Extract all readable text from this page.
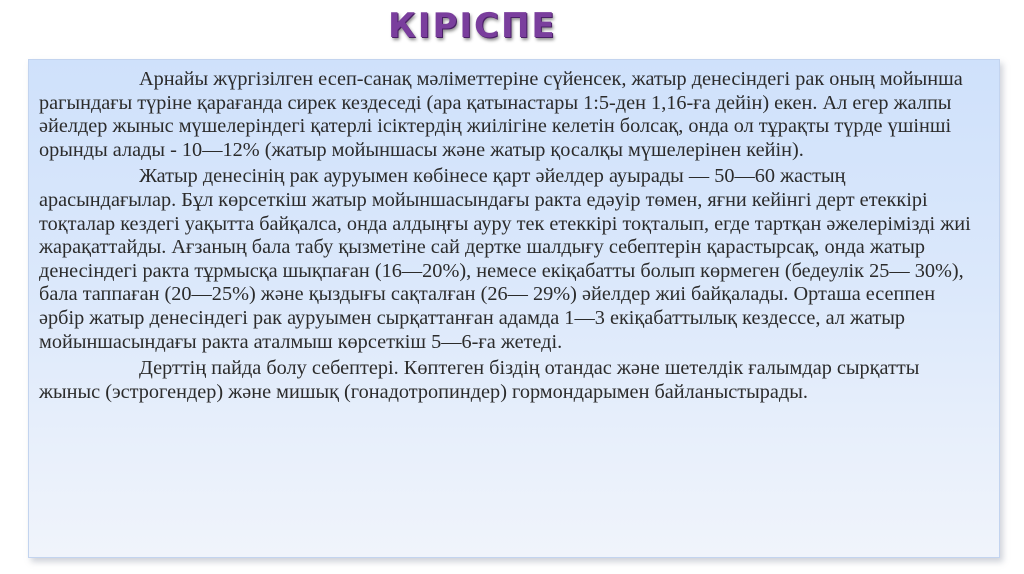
КІРІСПЕ

Арнайы жүргізілген есеп-санақ мәліметтеріне сүйенсек, жатыр денесіндегі рак оның мойынша рагындағы түріне қарағанда сирек кездеседі (ара қатынастары 1:5-ден 1,16-ға дейін) екен. Ал егер жалпы әйелдер жыныс мүшелеріндегі қатерлі ісіктердің жиілігіне келетін болсақ, онда ол тұрақты түрде үшінші орынды алады - 10—12% (жатыр мойыншасы және жатыр қосалқы мүшелерінен кейін).

Жатыр денесінің рак ауруымен көбінесе қарт әйелдер ауырады — 50—60 жастың арасындағылар. Бұл көрсеткіш жатыр мойыншасындағы ракта едәуір төмен, яғни кейінгі дерт етеккірі тоқталар кездегі уақытта байқалса, онда алдыңғы ауру тек етеккірі тоқталып, егде тартқан әжелерімізді жиі жарақаттайды. Ағзаның бала табу қызметіне сай дертке шалдығу себептерін қарастырсақ, онда жатыр денесіндегі ракта тұрмысқа шықпаған (16—20%), немесе екіқабатты болып көрмеген (бедеулік 25— 30%), бала таппаған (20—25%) және қыздығы сақталған (26— 29%) әйелдер жиі байқалады. Орташа есеппен әрбір жатыр денесіндегі рак ауруымен сырқаттанған адамда 1—3 екіқабаттылық кездессе, ал жатыр мойыншасындағы ракта аталмыш көрсеткіш 5—6-ға жетеді.

Дерттің пайда болу себептері. Көптеген біздің отандас және шетелдік ғалымдар сырқатты жыныс (эстрогендер) және мишық (гонадотропиндер) гормондарымен байланыстырады.
